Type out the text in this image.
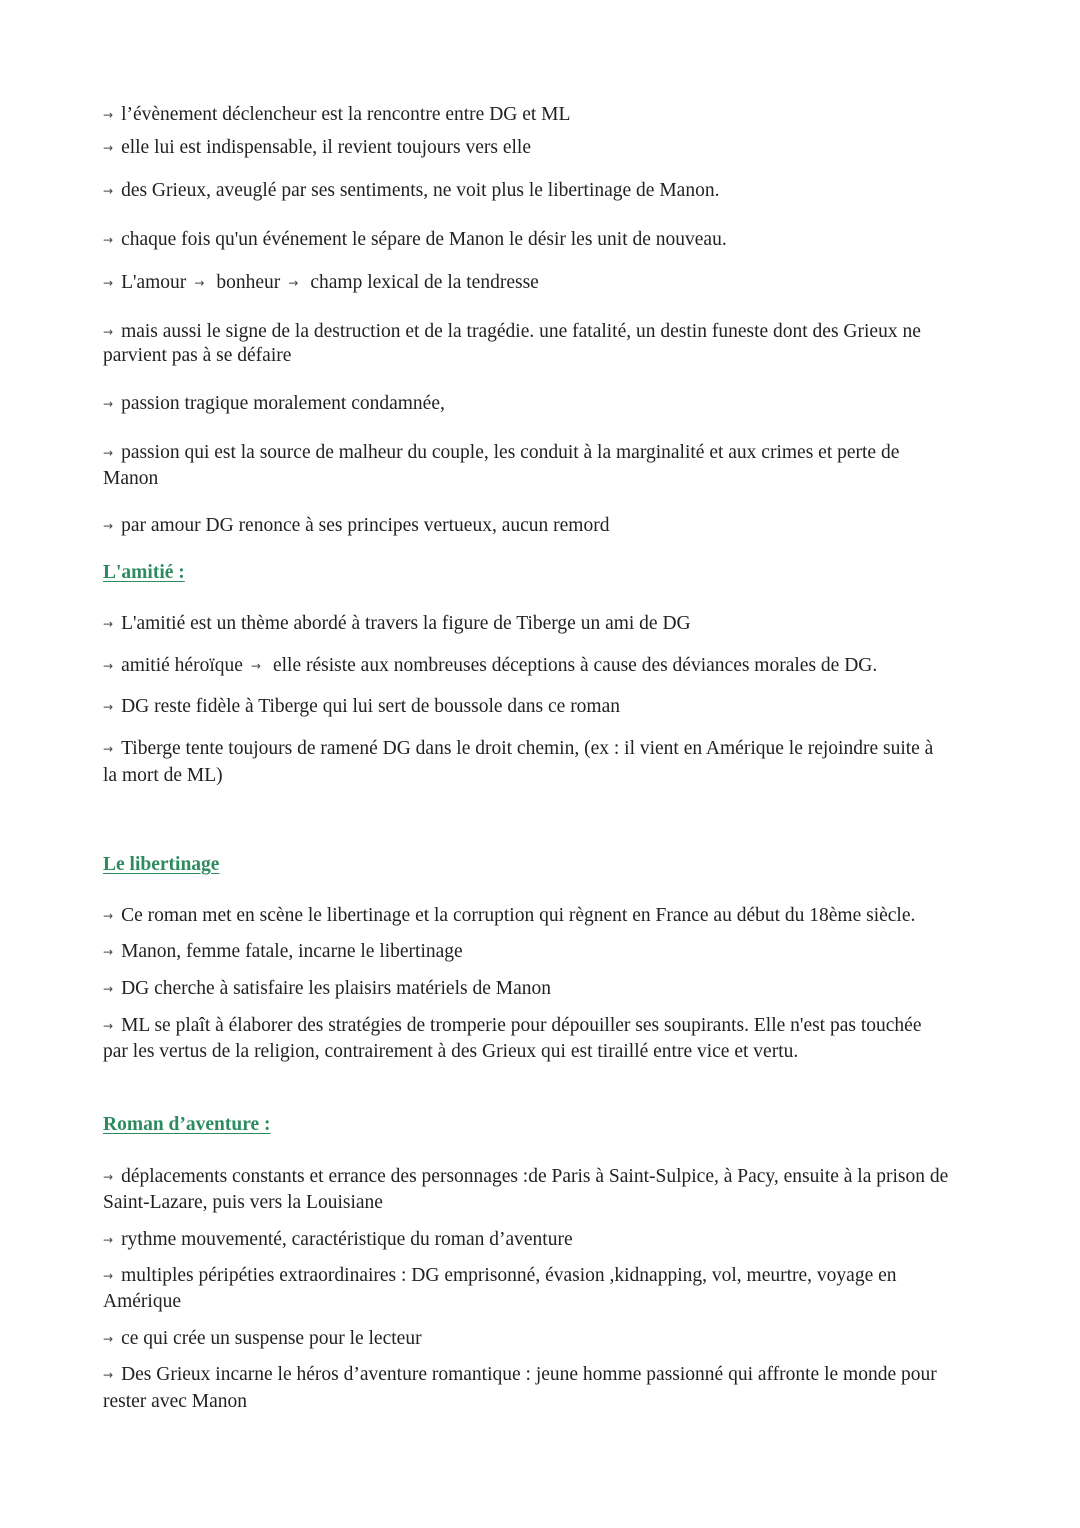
→ l’évènement déclencheur est la rencontre entre DG et ML
→ elle lui est indispensable, il revient toujours vers elle
→ des Grieux, aveuglé par ses sentiments, ne voit plus le libertinage de Manon.
→ chaque fois qu'un événement le sépare de Manon le désir les unit de nouveau.
→ L'amour → bonheur → champ lexical de la tendresse
→ mais aussi le signe de la destruction et de la tragédie. une fatalité, un destin funeste dont des Grieux ne
parvient pas à se défaire
→ passion tragique moralement condamnée,
→ passion qui est la source de malheur du couple, les conduit à la marginalité et aux crimes et perte de
Manon
→ par amour DG renonce à ses principes vertueux, aucun remord
L'amitié :
→ L'amitié est un thème abordé à travers la figure de Tiberge un ami de DG
→ amitié héroïque → elle résiste aux nombreuses déceptions à cause des déviances morales de DG.
→ DG reste fidèle à Tiberge qui lui sert de boussole dans ce roman
→ Tiberge tente toujours de ramené DG dans le droit chemin, (ex : il vient en Amérique le rejoindre suite à
la mort de ML)
Le libertinage
→ Ce roman met en scène le libertinage et la corruption qui règnent en France au début du 18ème siècle.
→ Manon, femme fatale, incarne le libertinage
→ DG cherche à satisfaire les plaisirs matériels de Manon
→ ML se plaît à élaborer des stratégies de tromperie pour dépouiller ses soupirants. Elle n'est pas touchée
par les vertus de la religion, contrairement à des Grieux qui est tiraillé entre vice et vertu.
Roman d’aventure :
→ déplacements constants et errance des personnages :de Paris à Saint-Sulpice, à Pacy, ensuite à la prison de
Saint-Lazare, puis vers la Louisiane
→ rythme mouvementé, caractéristique du roman d’aventure
→ multiples péripéties extraordinaires : DG emprisonné, évasion ,kidnapping, vol, meurtre, voyage en
Amérique
→ ce qui crée un suspense pour le lecteur
→ Des Grieux incarne le héros d’aventure romantique : jeune homme passionné qui affronte le monde pour
rester avec Manon
